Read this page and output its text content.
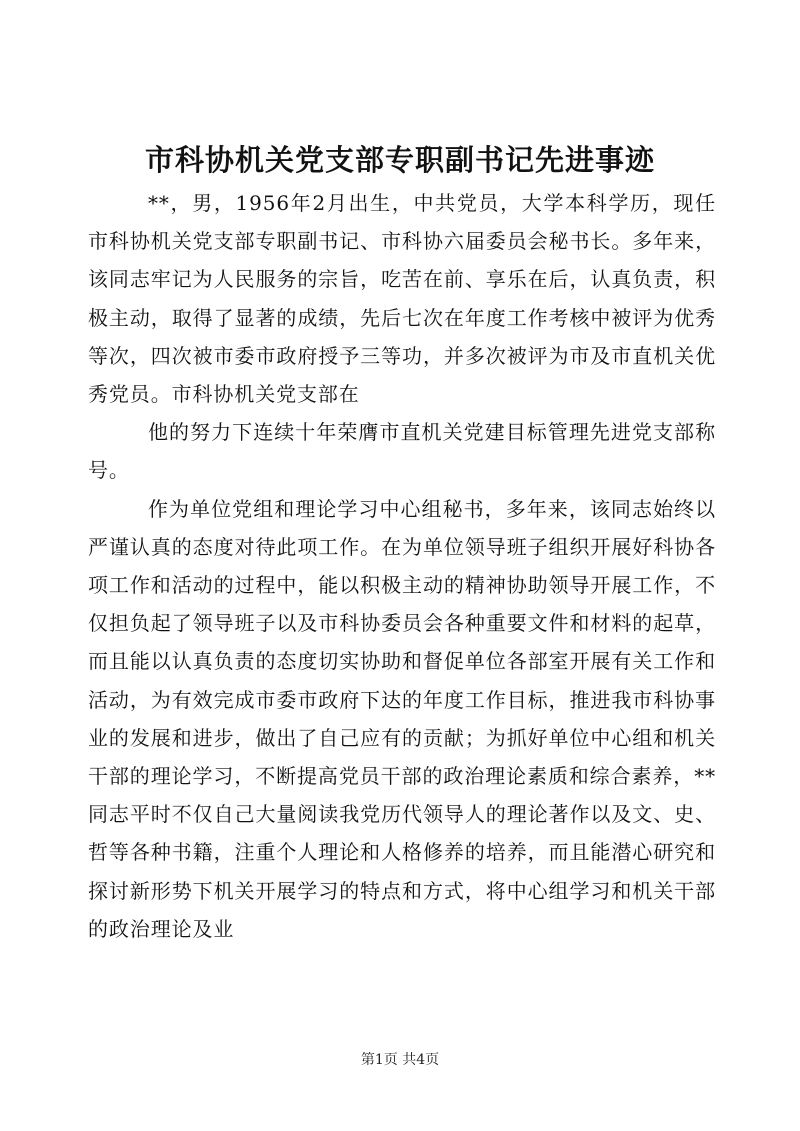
市科协机关党支部专职副书记先进事迹

**，男，1956年2月出生，中共党员，大学本科学历，现任市科协机关党支部专职副书记、市科协六届委员会秘书长。多年来，该同志牢记为人民服务的宗旨，吃苦在前、享乐在后，认真负责，积极主动，取得了显著的成绩，先后七次在年度工作考核中被评为优秀等次，四次被市委市政府授予三等功，并多次被评为市及市直机关优秀党员。市科协机关党支部在

他的努力下连续十年荣膺市直机关党建目标管理先进党支部称号。

作为单位党组和理论学习中心组秘书，多年来，该同志始终以严谨认真的态度对待此项工作。在为单位领导班子组织开展好科协各项工作和活动的过程中，能以积极主动的精神协助领导开展工作，不仅担负起了领导班子以及市科协委员会各种重要文件和材料的起草，而且能以认真负责的态度切实协助和督促单位各部室开展有关工作和活动，为有效完成市委市政府下达的年度工作目标，推进我市科协事业的发展和进步，做出了自己应有的贡献；为抓好单位中心组和机关干部的理论学习，不断提高党员干部的政治理论素质和综合素养，**同志平时不仅自己大量阅读我党历代领导人的理论著作以及文、史、哲等各种书籍，注重个人理论和人格修养的培养，而且能潜心研究和探讨新形势下机关开展学习的特点和方式，将中心组学习和机关干部的政治理论及业

第1页 共4页
